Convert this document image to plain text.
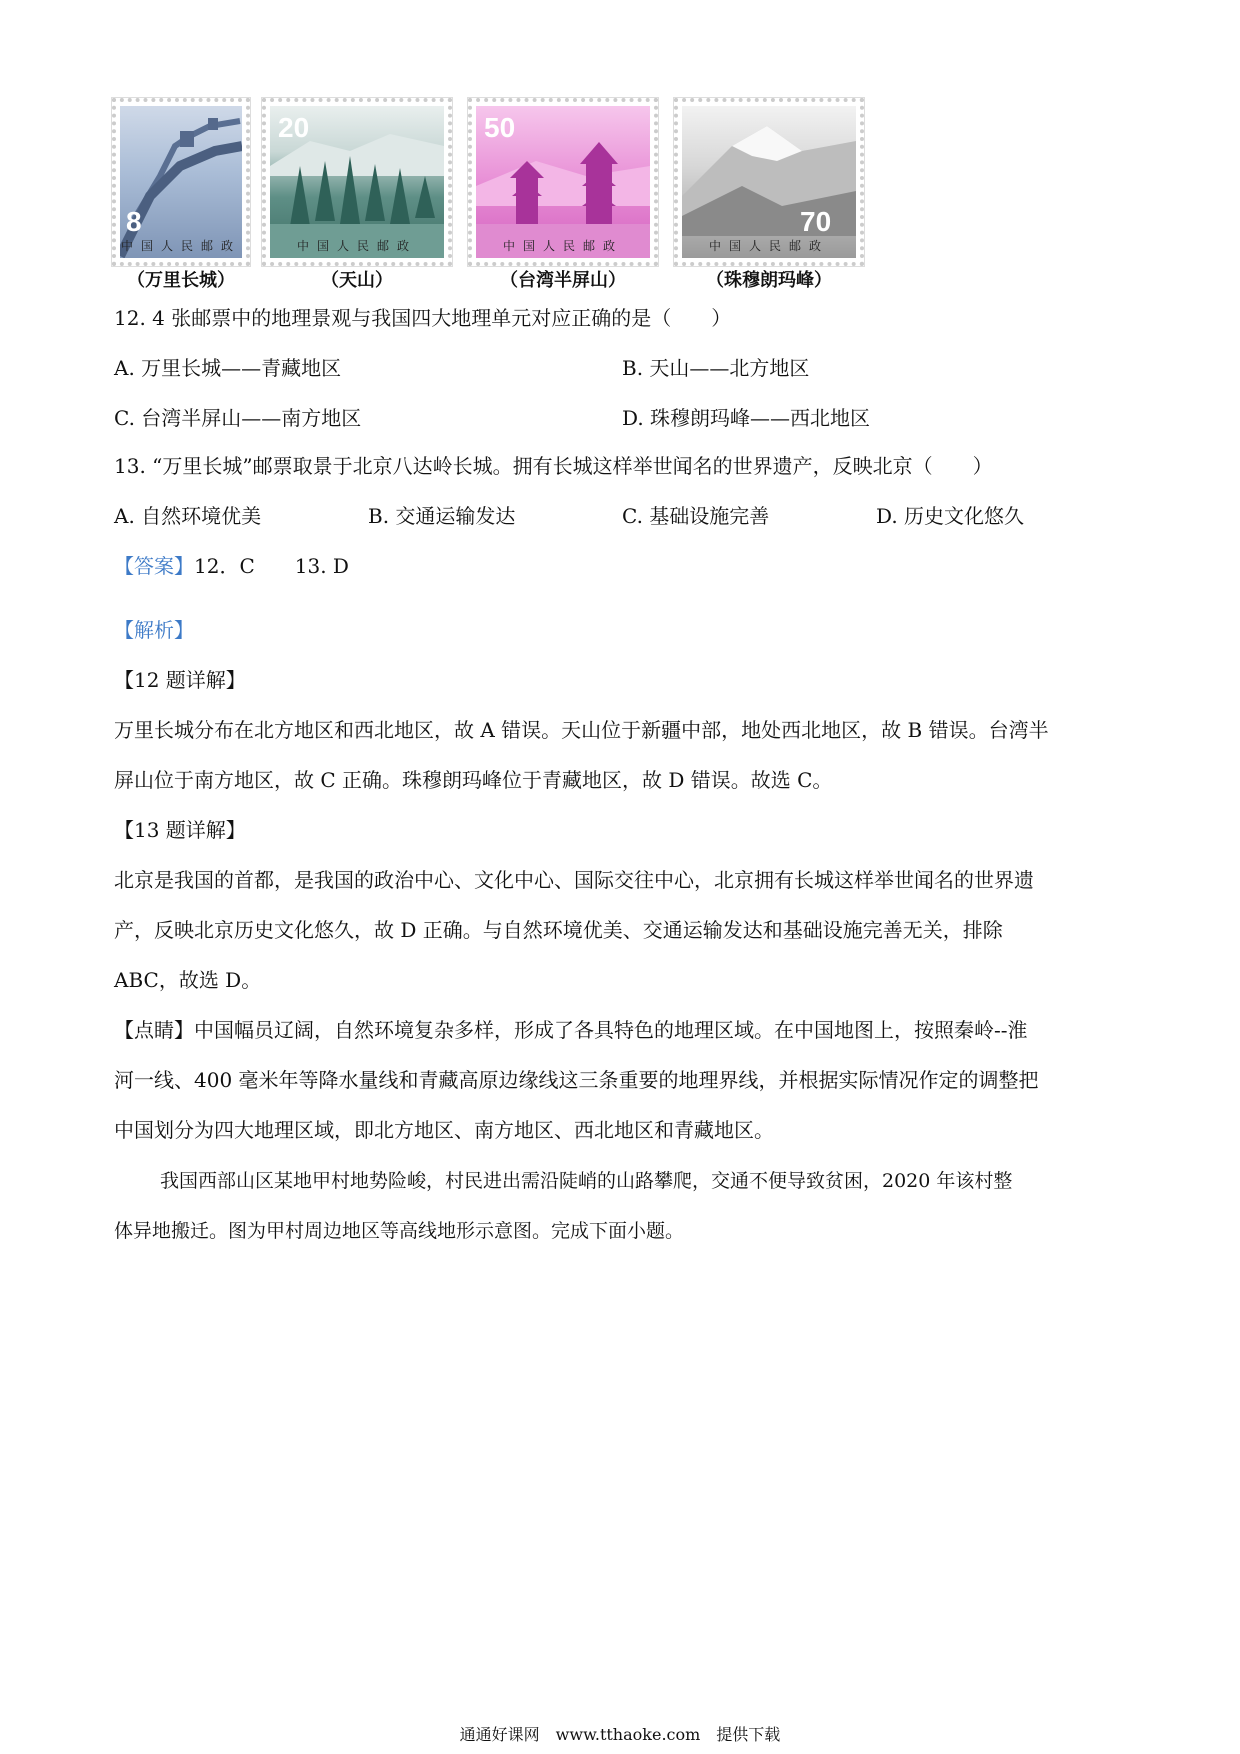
8
中国人民邮政
20
中国人民邮政
50
中国人民邮政
70
中国人民邮政
（万里长城）	（天山）	（台湾半屏山）	（珠穆朗玛峰）
12. 4 张邮票中的地理景观与我国四大地理单元对应正确的是（　　）
A. 万里长城——青藏地区	B. 天山——北方地区
C. 台湾半屏山——南方地区	D. 珠穆朗玛峰——西北地区
13. “万里长城”邮票取景于北京八达岭长城。拥有长城这样举世闻名的世界遗产，反映北京（　　）
A. 自然环境优美	B. 交通运输发达	C. 基础设施完善	D. 历史文化悠久
【答案】12．C　　13. D
【解析】
【12 题详解】
万里长城分布在北方地区和西北地区，故 A 错误。天山位于新疆中部，地处西北地区，故 B 错误。台湾半
屏山位于南方地区，故 C 正确。珠穆朗玛峰位于青藏地区，故 D 错误。故选 C。
【13 题详解】
北京是我国的首都，是我国的政治中心、文化中心、国际交往中心，北京拥有长城这样举世闻名的世界遗
产，反映北京历史文化悠久，故 D 正确。与自然环境优美、交通运输发达和基础设施完善无关，排除
ABC，故选 D。
【点睛】中国幅员辽阔，自然环境复杂多样，形成了各具特色的地理区域。在中国地图上，按照秦岭--淮
河一线、400 毫米年等降水量线和青藏高原边缘线这三条重要的地理界线，并根据实际情况作定的调整把
中国划分为四大地理区域，即北方地区、南方地区、西北地区和青藏地区。
我国西部山区某地甲村地势险峻，村民进出需沿陡峭的山路攀爬，交通不便导致贫困，2020 年该村整
体异地搬迁。图为甲村周边地区等高线地形示意图。完成下面小题。
通通好课网　www.tthaoke.com　提供下载
